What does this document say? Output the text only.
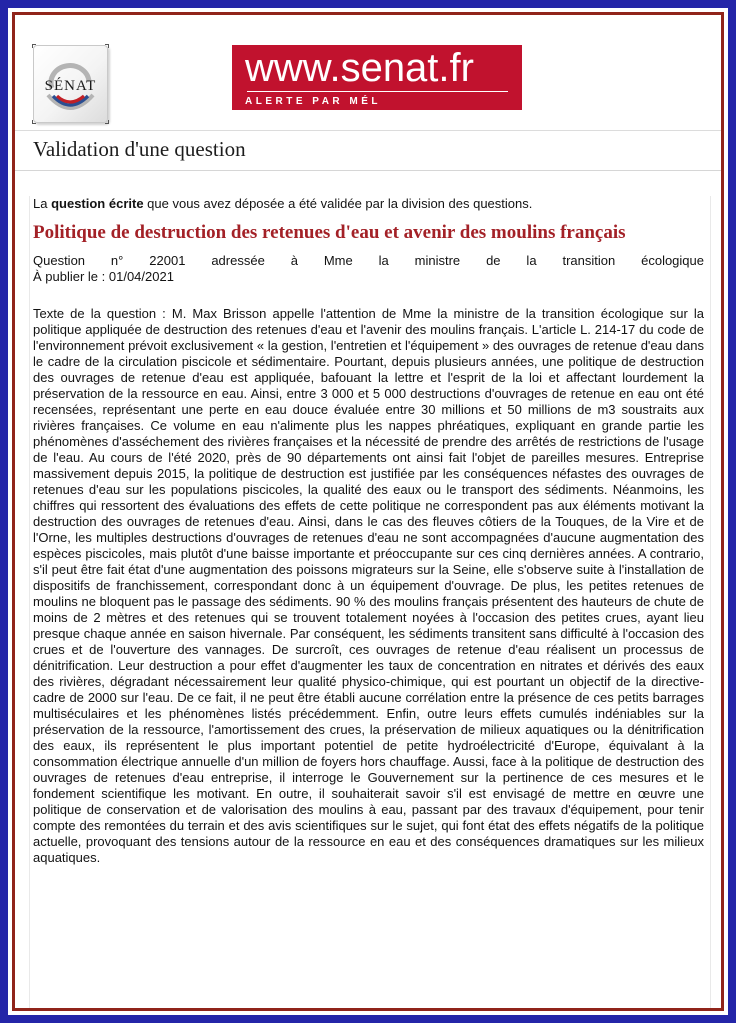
SÉNAT	www.senat.fr
ALERTE PAR MÉL
Validation d'une question

La question écrite que vous avez déposée a été validée par la division des questions.

Politique de destruction des retenues d'eau et avenir des moulins français
Question n° 22001 adressée à Mme la ministre de la transition écologique
À publier le : 01/04/2021

Texte de la question : M. Max Brisson appelle l'attention de Mme la ministre de la transition écologique sur la politique appliquée de destruction des retenues d'eau et l'avenir des moulins français. L'article L. 214-17 du code de l'environnement prévoit exclusivement « la gestion, l'entretien et l'équipement » des ouvrages de retenue d'eau dans le cadre de la circulation piscicole et sédimentaire. Pourtant, depuis plusieurs années, une politique de destruction des ouvrages de retenue d'eau est appliquée, bafouant la lettre et l'esprit de la loi et affectant lourdement la préservation de la ressource en eau. Ainsi, entre 3 000 et 5 000 destructions d'ouvrages de retenue en eau ont été recensées, représentant une perte en eau douce évaluée entre 30 millions et 50 millions de m3 soustraits aux rivières françaises. Ce volume en eau n'alimente plus les nappes phréatiques, expliquant en grande partie les phénomènes d'asséchement des rivières françaises et la nécessité de prendre des arrêtés de restrictions de l'usage de l'eau. Au cours de l'été 2020, près de 90 départements ont ainsi fait l'objet de pareilles mesures. Entreprise massivement depuis 2015, la politique de destruction est justifiée par les conséquences néfastes des ouvrages de retenues d'eau sur les populations piscicoles, la qualité des eaux ou le transport des sédiments. Néanmoins, les chiffres qui ressortent des évaluations des effets de cette politique ne correspondent pas aux éléments motivant la destruction des ouvrages de retenues d'eau. Ainsi, dans le cas des fleuves côtiers de la Touques, de la Vire et de l'Orne, les multiples destructions d'ouvrages de retenues d'eau ne sont accompagnées d'aucune augmentation des espèces piscicoles, mais plutôt d'une baisse importante et préoccupante sur ces cinq dernières années. A contrario, s'il peut être fait état d'une augmentation des poissons migrateurs sur la Seine, elle s'observe suite à l'installation de dispositifs de franchissement, correspondant donc à un équipement d'ouvrage. De plus, les petites retenues de moulins ne bloquent pas le passage des sédiments. 90 % des moulins français présentent des hauteurs de chute de moins de 2 mètres et des retenues qui se trouvent totalement noyées à l'occasion des petites crues, ayant lieu presque chaque année en saison hivernale. Par conséquent, les sédiments transitent sans difficulté à l'occasion des crues et de l'ouverture des vannages. De surcroît, ces ouvrages de retenue d'eau réalisent un processus de dénitrification. Leur destruction a pour effet d'augmenter les taux de concentration en nitrates et dérivés des eaux des rivières, dégradant nécessairement leur qualité physico-chimique, qui est pourtant un objectif de la directive-cadre de 2000 sur l'eau. De ce fait, il ne peut être établi aucune corrélation entre la présence de ces petits barrages multiséculaires et les phénomènes listés précédemment. Enfin, outre leurs effets cumulés indéniables sur la préservation de la ressource, l'amortissement des crues, la préservation de milieux aquatiques ou la dénitrification des eaux, ils représentent le plus important potentiel de petite hydroélectricité d'Europe, équivalant à la consommation électrique annuelle d'un million de foyers hors chauffage. Aussi, face à la politique de destruction des ouvrages de retenues d'eau entreprise, il interroge le Gouvernement sur la pertinence de ces mesures et le fondement scientifique les motivant. En outre, il souhaiterait savoir s'il est envisagé de mettre en œuvre une politique de conservation et de valorisation des moulins à eau, passant par des travaux d'équipement, pour tenir compte des remontées du terrain et des avis scientifiques sur le sujet, qui font état des effets négatifs de la politique actuelle, provoquant des tensions autour de la ressource en eau et des conséquences dramatiques sur les milieux aquatiques.
